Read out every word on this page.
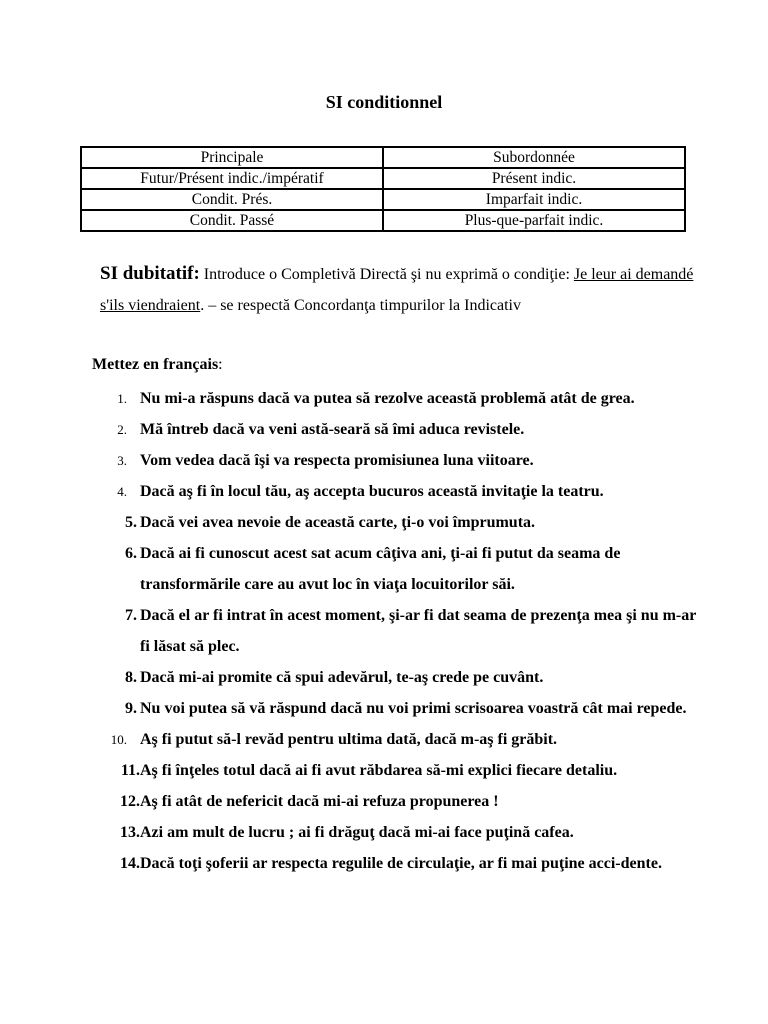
SI conditionnel
Principale	Subordonnée
Futur/Présent indic./impératif	Présent indic.
Condit. Prés.	Imparfait indic.
Condit. Passé	Plus-que-parfait indic.
SI dubitatif: Introduce o Completivă Directă şi nu exprimă o condiţie: Je leur ai demandé s'ils viendraient. – se respectă Concordanţa timpurilor la Indicativ
Mettez en français:
1. Nu mi-a răspuns dacă va putea să rezolve această problemă atât de grea.
2. Mă întreb dacă va veni astă-seară să îmi aduca revistele.
3. Vom vedea dacă îşi va respecta promisiunea luna viitoare.
4. Dacă aş fi în locul tău, aş accepta bucuros această invitaţie la teatru.
5. Dacă vei avea nevoie de această carte, ţi-o voi împrumuta.
6. Dacă ai fi cunoscut acest sat acum câţiva ani, ţi-ai fi putut da seama de transformările care au avut loc în viaţa locuitorilor săi.
7. Dacă el ar fi intrat în acest moment, şi-ar fi dat seama de prezenţa mea şi nu m-ar fi lăsat să plec.
8. Dacă mi-ai promite că spui adevărul, te-aş crede pe cuvânt.
9. Nu voi putea să vă răspund dacă nu voi primi scrisoarea voastră cât mai repede.
10. Aş fi putut să-l revăd pentru ultima dată, dacă m-aş fi grăbit.
11. Aş fi înţeles totul dacă ai fi avut răbdarea să-mi explici fiecare detaliu.
12. Aş fi atât de nefericit dacă mi-ai refuza propunerea !
13. Azi am mult de lucru ; ai fi drăguţ dacă mi-ai face puţină cafea.
14. Dacă toţi şoferii ar respecta regulile de circulaţie, ar fi mai puţine acci-dente.
